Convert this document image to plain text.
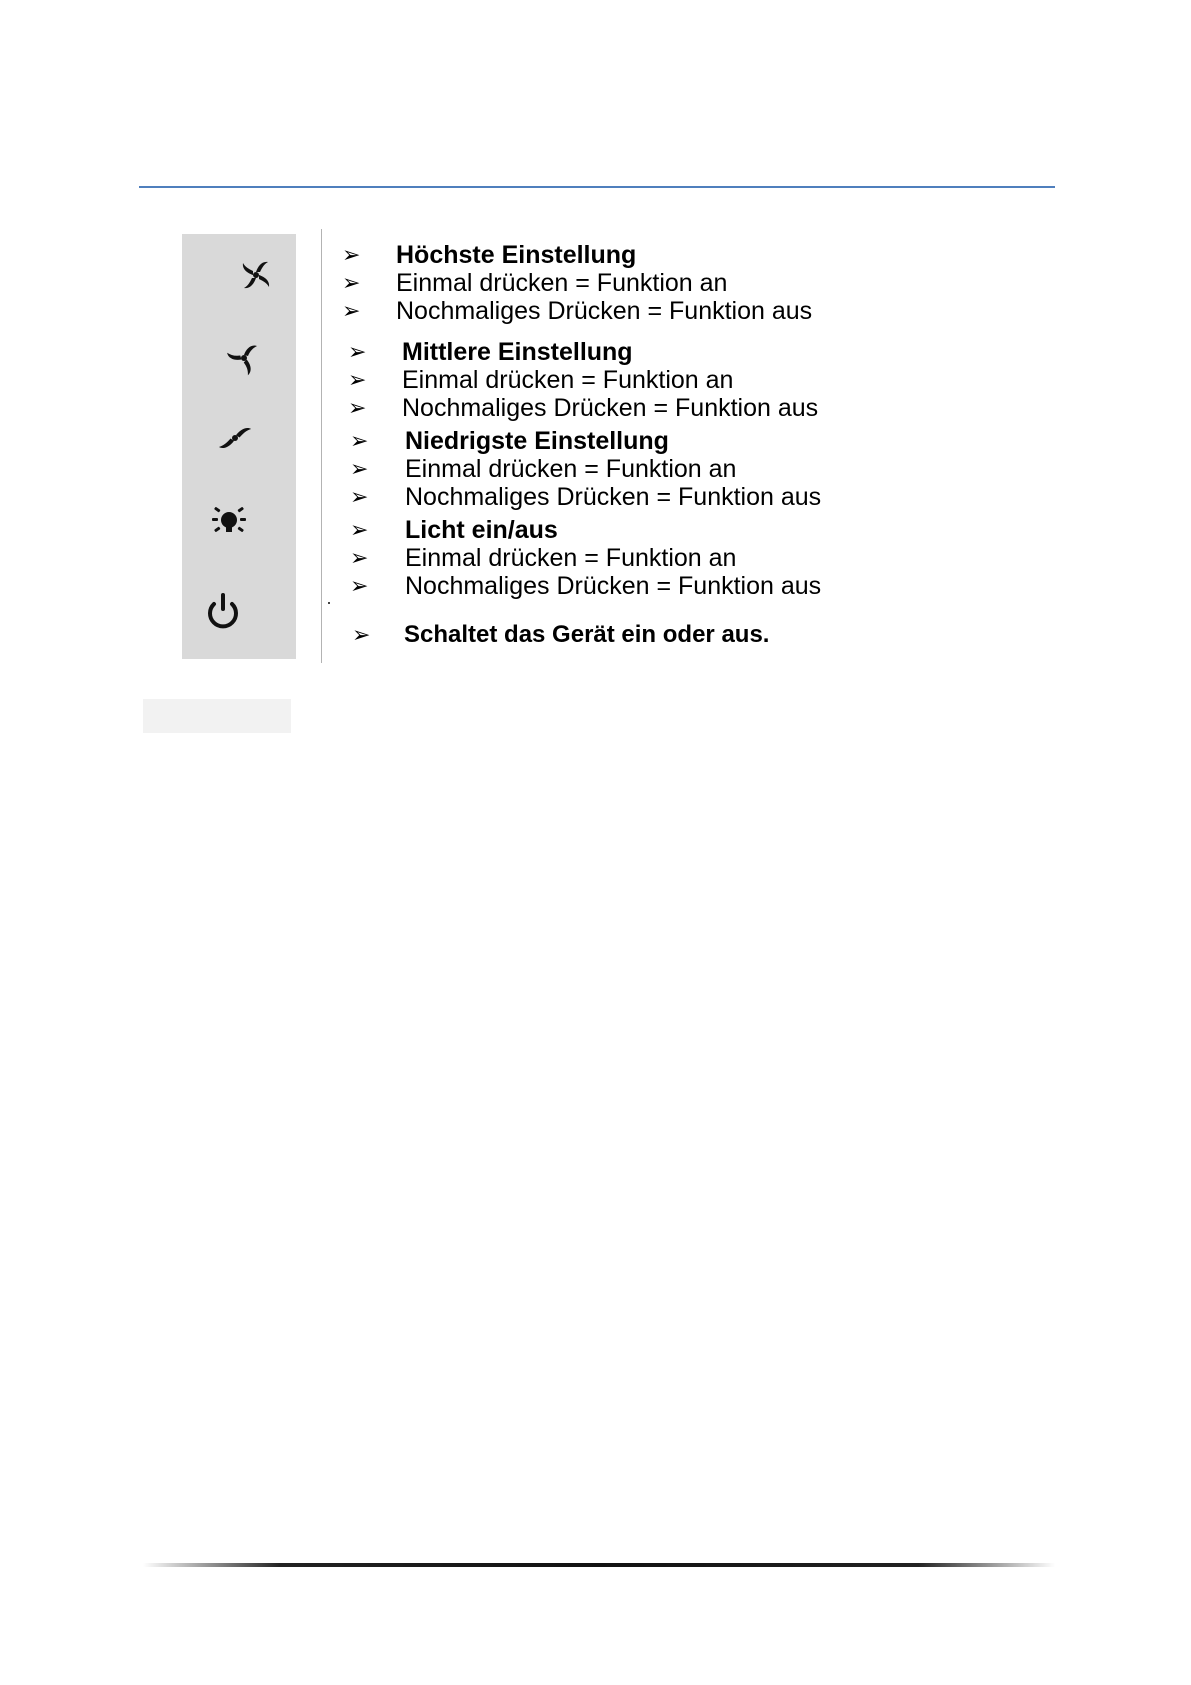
➢ Höchste Einstellung
➢ Einmal drücken = Funktion an
➢ Nochmaliges Drücken = Funktion aus
➢ Mittlere Einstellung
➢ Einmal drücken = Funktion an
➢ Nochmaliges Drücken = Funktion aus
➢ Niedrigste Einstellung
➢ Einmal drücken = Funktion an
➢ Nochmaliges Drücken = Funktion aus
➢ Licht ein/aus
➢ Einmal drücken = Funktion an
➢ Nochmaliges Drücken = Funktion aus
➢ Schaltet das Gerät ein oder aus.
